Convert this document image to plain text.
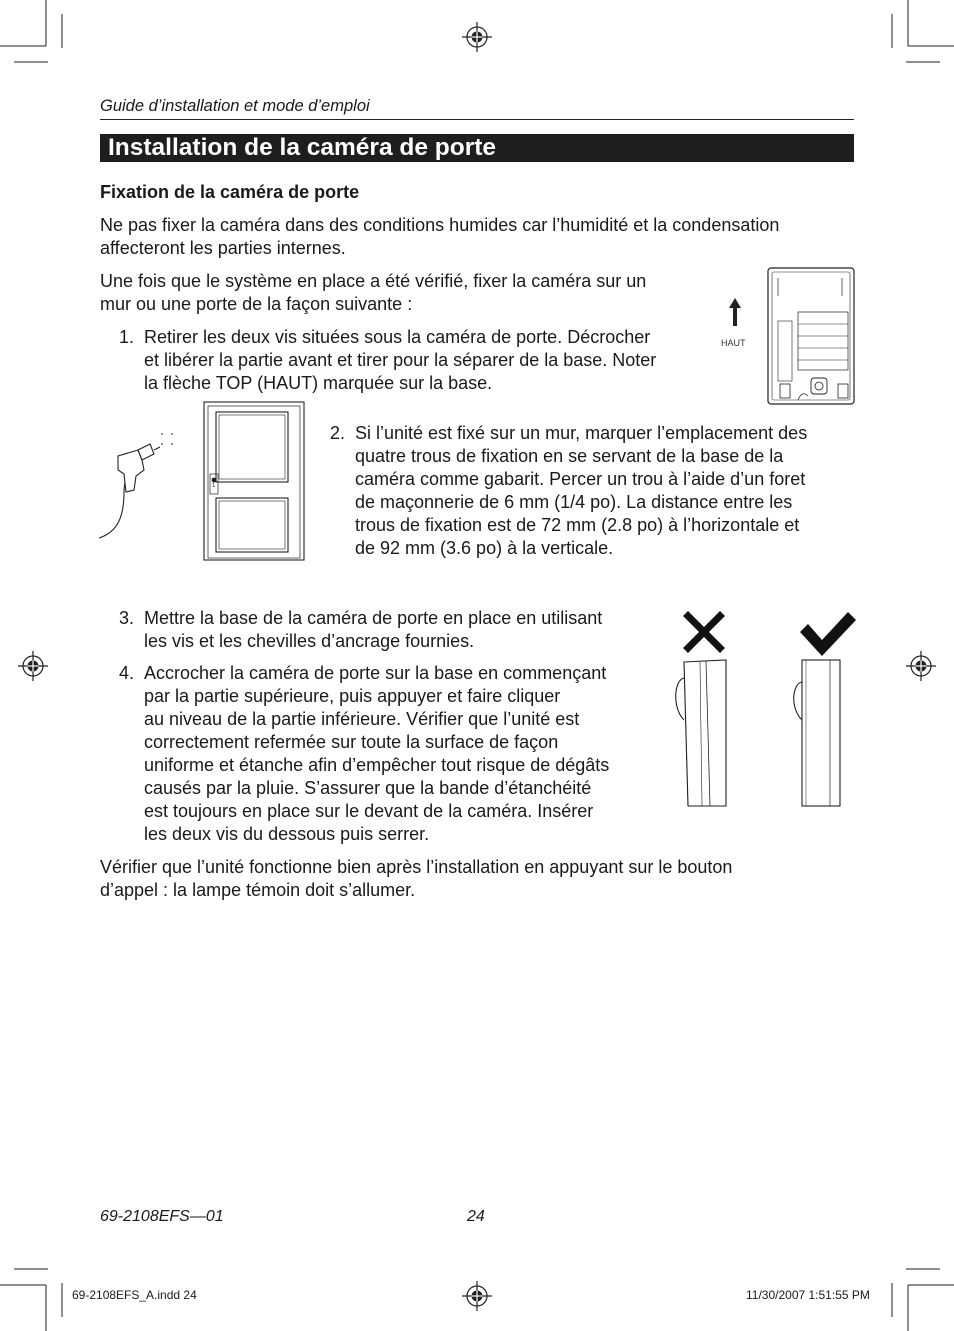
Guide d’installation et mode d’emploi
Installation de la caméra de porte
Fixation de la caméra de porte
Ne pas fixer la caméra dans des conditions humides car l’humidité et la condensation
affecteront les parties internes.
Une fois que le système en place a été vérifié, fixer la caméra sur un
mur ou une porte de la façon suivante :
1. Retirer les deux vis situées sous la caméra de porte. Décrocher
et libérer la partie avant et tirer pour la séparer de la base. Noter
la flèche TOP (HAUT) marquée sur la base.
HAUT
1
2. Si l’unité est fixé sur un mur, marquer l’emplacement des
quatre trous de fixation en se servant de la base de la
caméra comme gabarit. Percer un trou à l’aide d’un foret
de maçonnerie de 6 mm (1/4 po). La distance entre les
trous de fixation est de 72 mm (2.8 po) à l’horizontale et
de 92 mm (3.6 po) à la verticale.
3. Mettre la base de la caméra de porte en place en utilisant
les vis et les chevilles d’ancrage fournies.
4. Accrocher la caméra de porte sur la base en commençant
par la partie supérieure, puis appuyer et faire cliquer
au niveau de la partie inférieure. Vérifier que l’unité est
correctement refermée sur toute la surface de façon
uniforme et étanche afin d’empêcher tout risque de dégâts
causés par la pluie. S’assurer que la bande d’étanchéité
est toujours en place sur le devant de la caméra. Insérer
les deux vis du dessous puis serrer.
Vérifier que l’unité fonctionne bien après l’installation en appuyant sur le bouton
d’appel : la lampe témoin doit s’allumer.
69-2108EFS—01	24
69-2108EFS_A.indd 24	11/30/2007 1:51:55 PM
